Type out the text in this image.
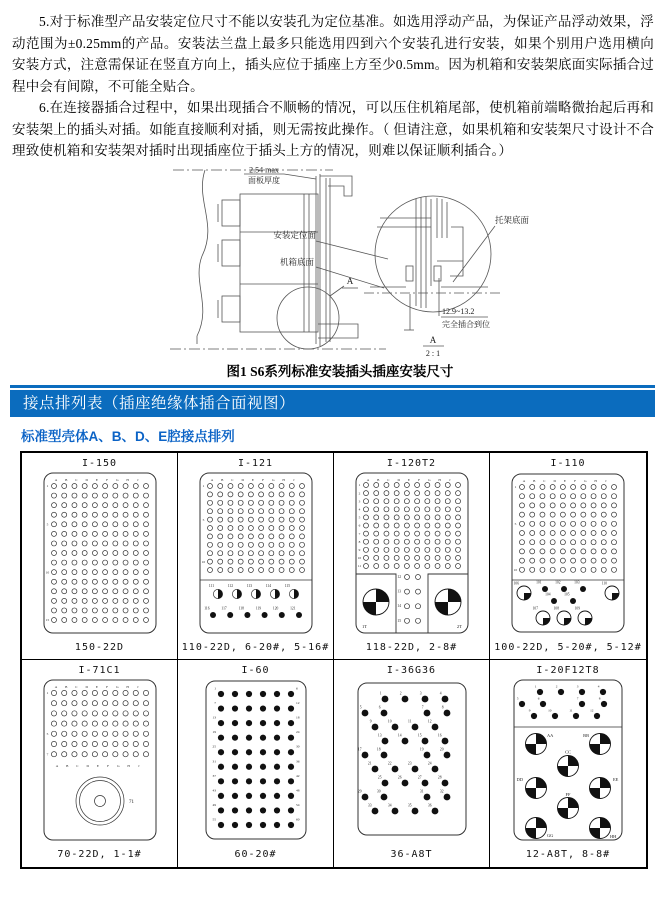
5.对于标准型产品安装定位尺寸不能以安装孔为定位基准。如选用浮动产品，为保证产品浮动效果，浮动范围为±0.25mm的产品。安装法兰盘上最多只能选用四到六个安装孔进行安装，如果个别用户选用横向安装方式，注意需保证在竖直方向上，插头应位于插座上方至少0.5mm。因为机箱和安装架底面实际插合过程中会有间隙，不可能全贴合。

6.在连接器插合过程中，如果出现插合不顺畅的情况，可以压住机箱尾部，使机箱前端略微抬起后再和安装架上的插头对插。如能直接顺利对插，则无需按此操作。（ 但请注意，如果机箱和安装架尺寸设计不合理致使机箱和安装架对插时出现插座位于插头上方的情况，则难以保证顺利插合。）

2.54 max
面板厚度
A
安装定位面
机箱底面
托架底面
12.9~13.2
完全插合到位
A
2 : 1
图1 S6系列标准安装插头插座安装尺寸
接点排列表（插座绝缘体插合面视图）
标准型壳体A、B、D、E腔接点排列
I-150
A B C D E F G H J
1
5
10
15
150-22D
I-121
A B C D E F G H J
1
5
10
111	112	113	114	115
116	117	118	119	120	121
110-22D, 6-20#, 5-16#
I-120T2
A B C D E F G H J
1
2
3
4
5
6
7
8
9
10
11
1T	2T
12
13
14
15
118-22D, 2-8#
I-110
A B C D E F G H J
1
5
10
101	102	103
104	105
106
107	108	109
110
100-22D, 5-20#, 5-12#
I-71C1
A B C D E F G H J
1
5
7
A B C D E F G H J
71
70-22D, 1-1#
I-60
1	6
7	12
13	18
19	24
25	30
31	36
37	42
43	48
49	54
55	60
60-20#
I-36G36
1	2	3	4
5	6	7	8
9	10	11	12
13	14	15	16
17	18	19	20
21	22	23	24
25	26	27	28
29	30	31	32
33	34	35	36
36-A8T
I-20F12T8
1	2	3	4
5	6	7	8
9	10	11	12
AA	BB
CC
DD	EE
FF
GG	HH
12-A8T, 8-8#
